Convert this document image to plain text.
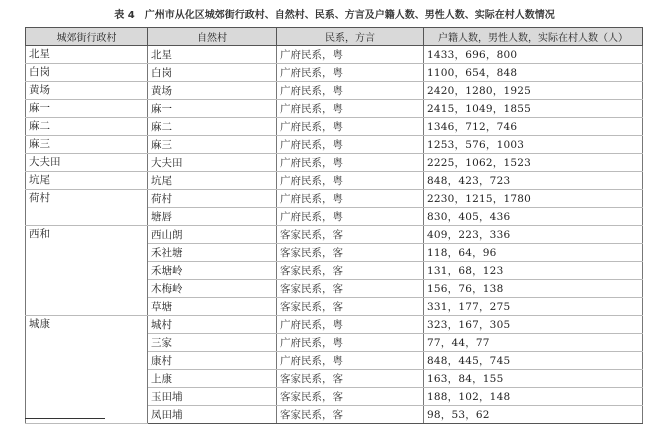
表 4 广州市从化区城郊街行政村、自然村、民系、方言及户籍人数、男性人数、实际在村人数情况
城郊街行政村	自然村	民系，方言	户籍人数，男性人数，实际在村人数（人）
北星	北星	广府民系，粤	1433，696，800
白岗	白岗	广府民系，粤	1100，654，848
黄场	黄场	广府民系，粤	2420，1280，1925
麻一	麻一	广府民系，粤	2415，1049，1855
麻二	麻二	广府民系，粤	1346，712，746
麻三	麻三	广府民系，粤	1253，576，1003
大夫田	大夫田	广府民系，粤	2225，1062，1523
坑尾	坑尾	广府民系，粤	848，423，723
荷村	荷村	广府民系，粤	2230，1215，1780
	塘唇	广府民系，粤	830，405，436
西和	西山朗	客家民系，客	409，223，336
	禾社塘	客家民系，客	118，64，96
	禾塘岭	客家民系，客	131，68，123
	木梅岭	客家民系，客	156，76，138
	草塘	客家民系，客	331，177，275
城康	城村	广府民系，粤	323，167，305
	三家	广府民系，粤	77，44，77
	康村	广府民系，粤	848，445，745
	上康	客家民系，客	163，84，155
	玉田埔	客家民系，客	188，102，148
	凤田埔	客家民系，客	98，53，62
